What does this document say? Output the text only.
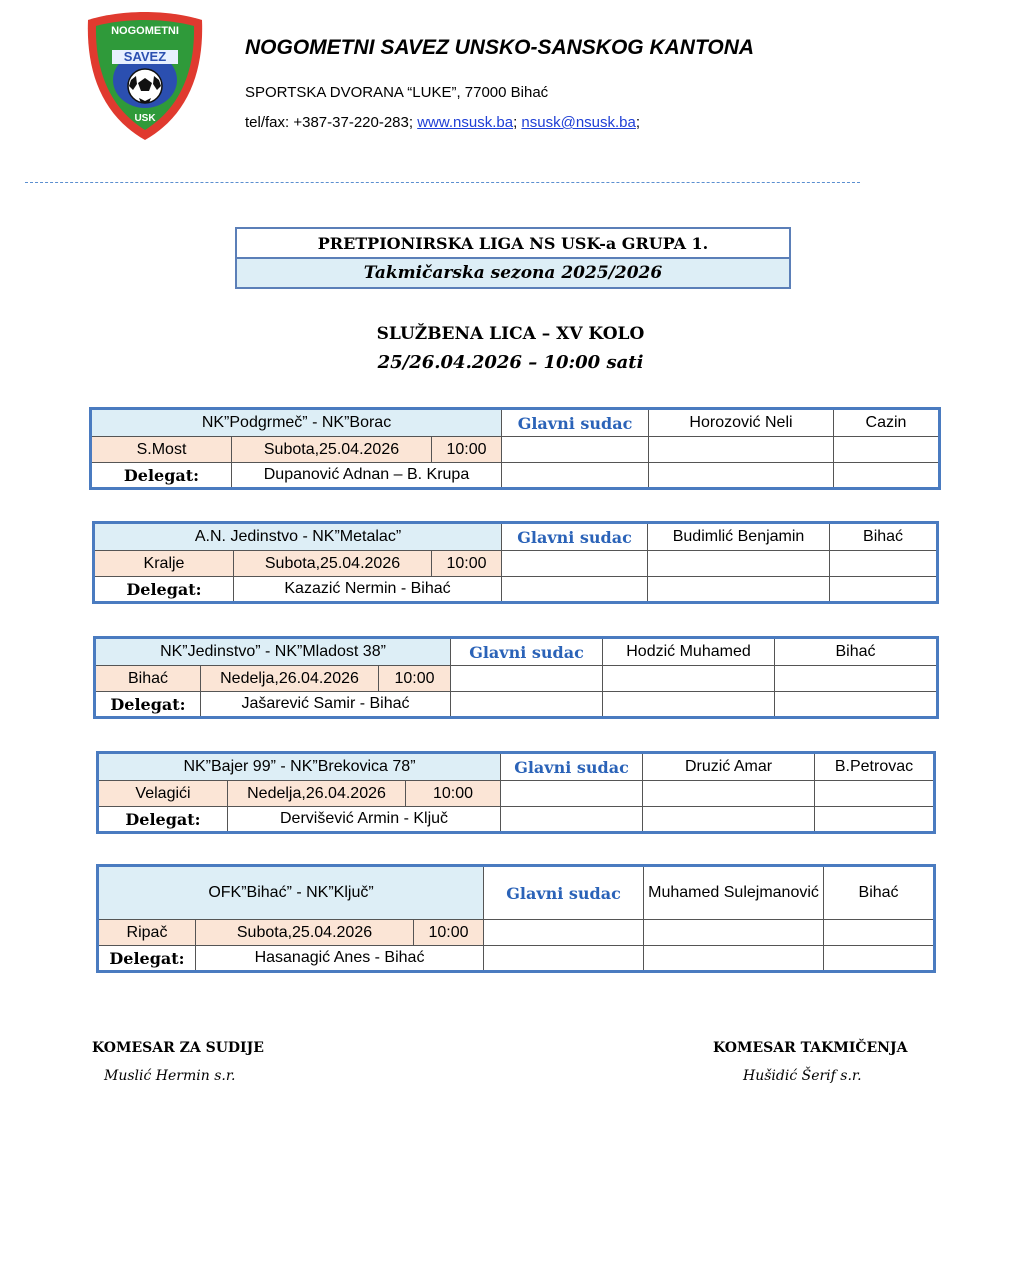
NOGOMETNI
SAVEZ
USK
NOGOMETNI SAVEZ UNSKO-SANSKOG KANTONA
SPORTSKA DVORANA “LUKE”, 77000 Bihać
tel/fax: +387-37-220-283; www.nsusk.ba; nsusk@nsusk.ba;
PRETPIONIRSKA LIGA NS USK-a GRUPA 1.
Takmičarska sezona 2025/2026
SLUŽBENA LICA – XV KOLO
25/26.04.2026 – 10:00 sati
NK”Podgrmeč” - NK”Borac			Glavni sudac	Horozović Neli	Cazin
S.Most	Subota,25.04.2026	10:00			
Delegat:	Dupanović Adnan – B. Krupa				
A.N. Jedinstvo - NK”Metalac”			Glavni sudac	Budimlić Benjamin	Bihać
Kralje	Subota,25.04.2026	10:00			
Delegat:	Kazazić Nermin - Bihać				
NK”Jedinstvo” - NK”Mladost 38”			Glavni sudac	Hodzić Muhamed	Bihać
Bihać	Nedelja,26.04.2026	10:00			
Delegat:	Jašarević Samir - Bihać				
NK”Bajer 99” - NK”Brekovica 78”			Glavni sudac	Druzić Amar	B.Petrovac
Velagići	Nedelja,26.04.2026	10:00			
Delegat:	Dervišević Armin - Ključ				
OFK”Bihać” - NK”Ključ”			Glavni sudac	Muhamed Sulejmanović	Bihać
Ripač	Subota,25.04.2026	10:00			
Delegat:	Hasanagić Anes - Bihać				
KOMESAR ZA SUDIJE
Muslić Hermin s.r.
KOMESAR TAKMIČENJA
Hušidić Šerif s.r.
